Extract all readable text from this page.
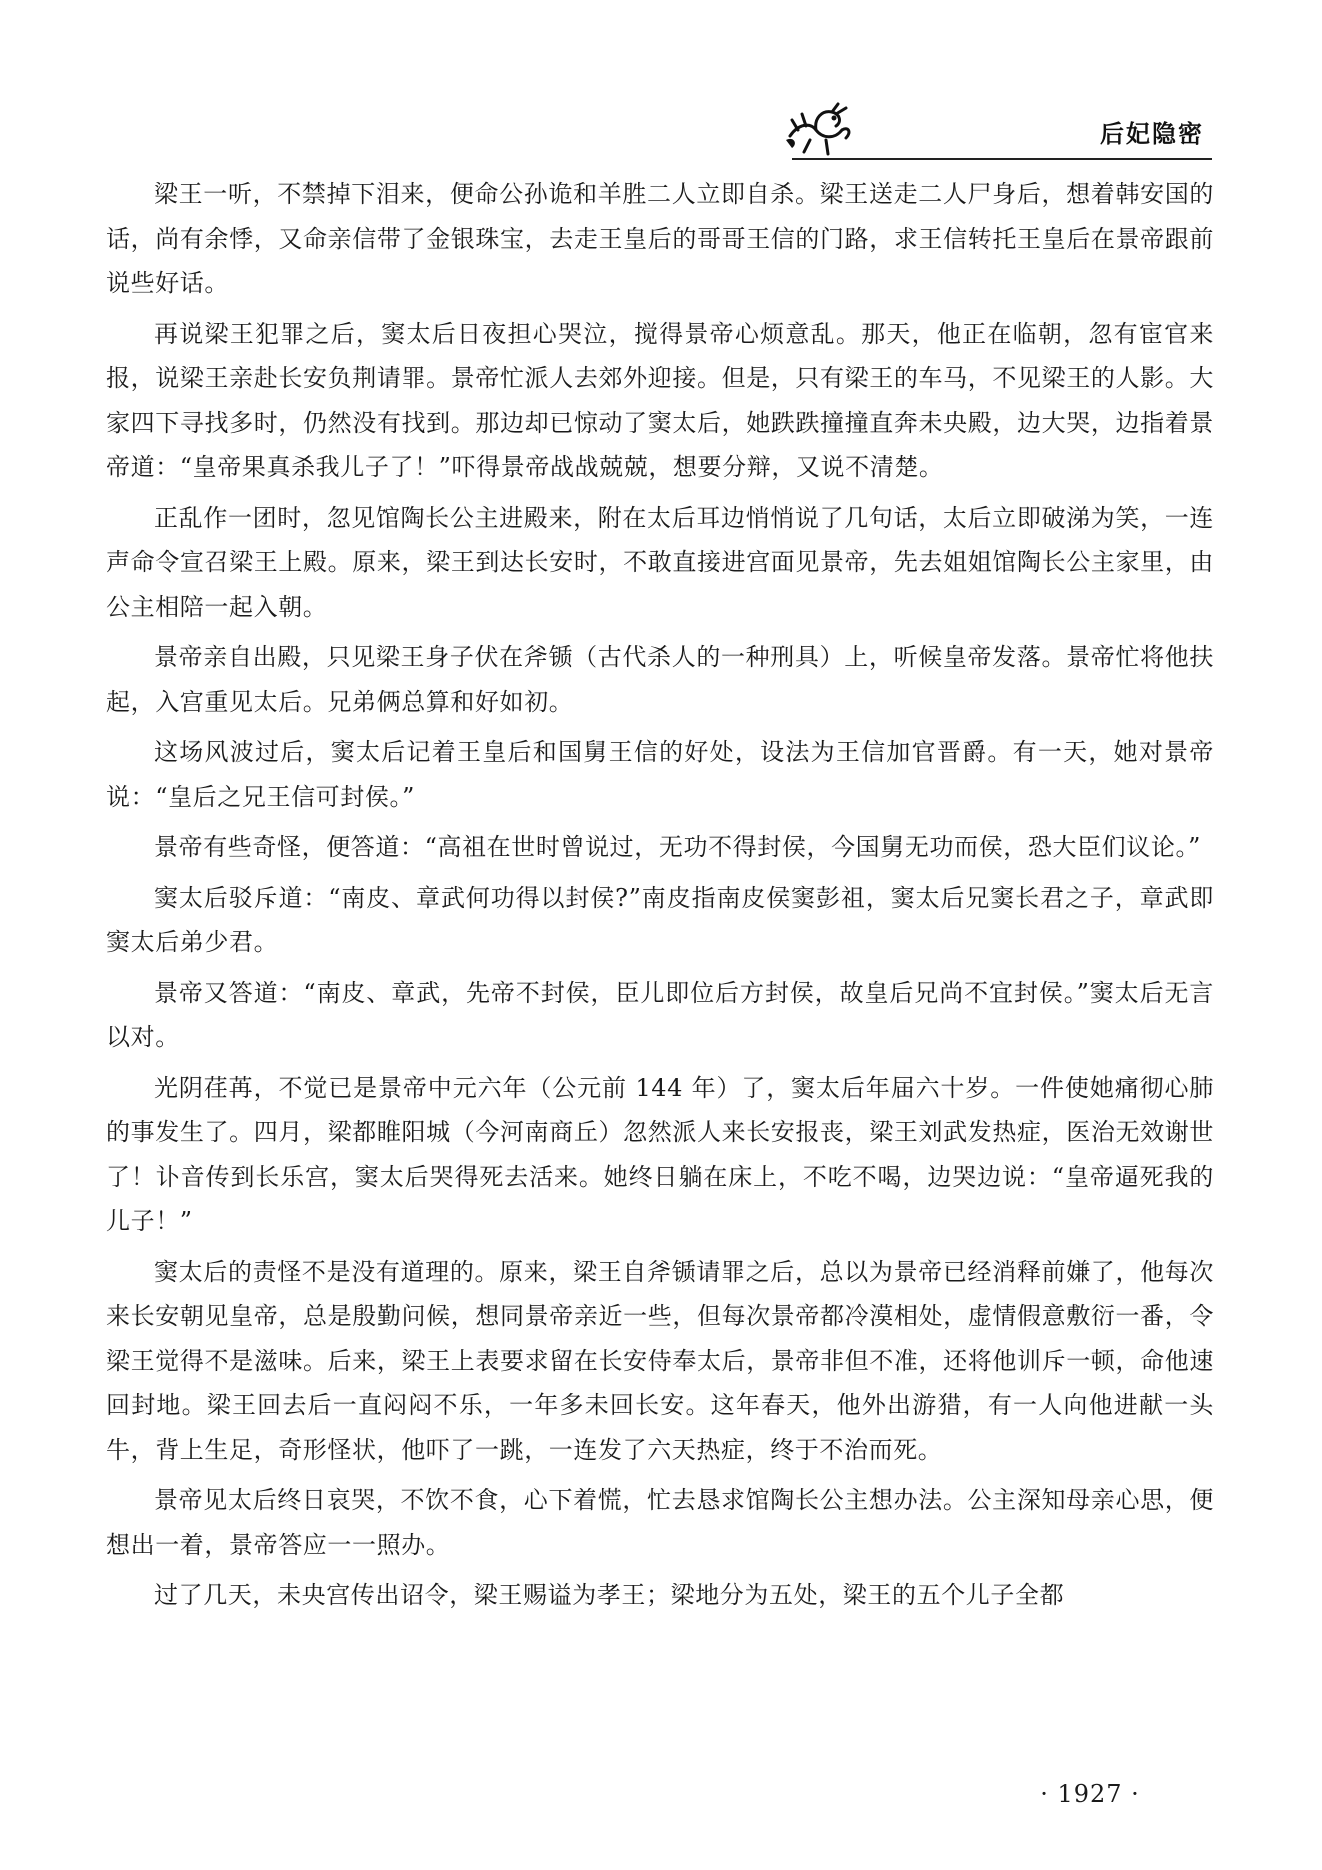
后妃隐密

梁王一听，不禁掉下泪来，便命公孙诡和羊胜二人立即自杀。梁王送走二人尸身后，想着韩安国的话，尚有余悸，又命亲信带了金银珠宝，去走王皇后的哥哥王信的门路，求王信转托王皇后在景帝跟前说些好话。

再说梁王犯罪之后，窦太后日夜担心哭泣，搅得景帝心烦意乱。那天，他正在临朝，忽有宦官来报，说梁王亲赴长安负荆请罪。景帝忙派人去郊外迎接。但是，只有梁王的车马，不见梁王的人影。大家四下寻找多时，仍然没有找到。那边却已惊动了窦太后，她跌跌撞撞直奔未央殿，边大哭，边指着景帝道：“皇帝果真杀我儿子了！”吓得景帝战战兢兢，想要分辩，又说不清楚。

正乱作一团时，忽见馆陶长公主进殿来，附在太后耳边悄悄说了几句话，太后立即破涕为笑，一连声命令宣召梁王上殿。原来，梁王到达长安时，不敢直接进宫面见景帝，先去姐姐馆陶长公主家里，由公主相陪一起入朝。

景帝亲自出殿，只见梁王身子伏在斧锧（古代杀人的一种刑具）上，听候皇帝发落。景帝忙将他扶起，入宫重见太后。兄弟俩总算和好如初。

这场风波过后，窦太后记着王皇后和国舅王信的好处，设法为王信加官晋爵。有一天，她对景帝说：“皇后之兄王信可封侯。”

景帝有些奇怪，便答道：“高祖在世时曾说过，无功不得封侯，今国舅无功而侯，恐大臣们议论。”

窦太后驳斥道：“南皮、章武何功得以封侯?”南皮指南皮侯窦彭祖，窦太后兄窦长君之子，章武即窦太后弟少君。

景帝又答道：“南皮、章武，先帝不封侯，臣儿即位后方封侯，故皇后兄尚不宜封侯。”窦太后无言以对。

光阴荏苒，不觉已是景帝中元六年（公元前 144 年）了，窦太后年届六十岁。一件使她痛彻心肺的事发生了。四月，梁都睢阳城（今河南商丘）忽然派人来长安报丧，梁王刘武发热症，医治无效谢世了！讣音传到长乐宫，窦太后哭得死去活来。她终日躺在床上，不吃不喝，边哭边说：“皇帝逼死我的儿子！”

窦太后的责怪不是没有道理的。原来，梁王自斧锧请罪之后，总以为景帝已经消释前嫌了，他每次来长安朝见皇帝，总是殷勤问候，想同景帝亲近一些，但每次景帝都冷漠相处，虚情假意敷衍一番，令梁王觉得不是滋味。后来，梁王上表要求留在长安侍奉太后，景帝非但不准，还将他训斥一顿，命他速回封地。梁王回去后一直闷闷不乐，一年多未回长安。这年春天，他外出游猎，有一人向他进献一头牛，背上生足，奇形怪状，他吓了一跳，一连发了六天热症，终于不治而死。

景帝见太后终日哀哭，不饮不食，心下着慌，忙去恳求馆陶长公主想办法。公主深知母亲心思，便想出一着，景帝答应一一照办。

过了几天，未央宫传出诏令，梁王赐谥为孝王；梁地分为五处，梁王的五个儿子全都

· 1927 ·
